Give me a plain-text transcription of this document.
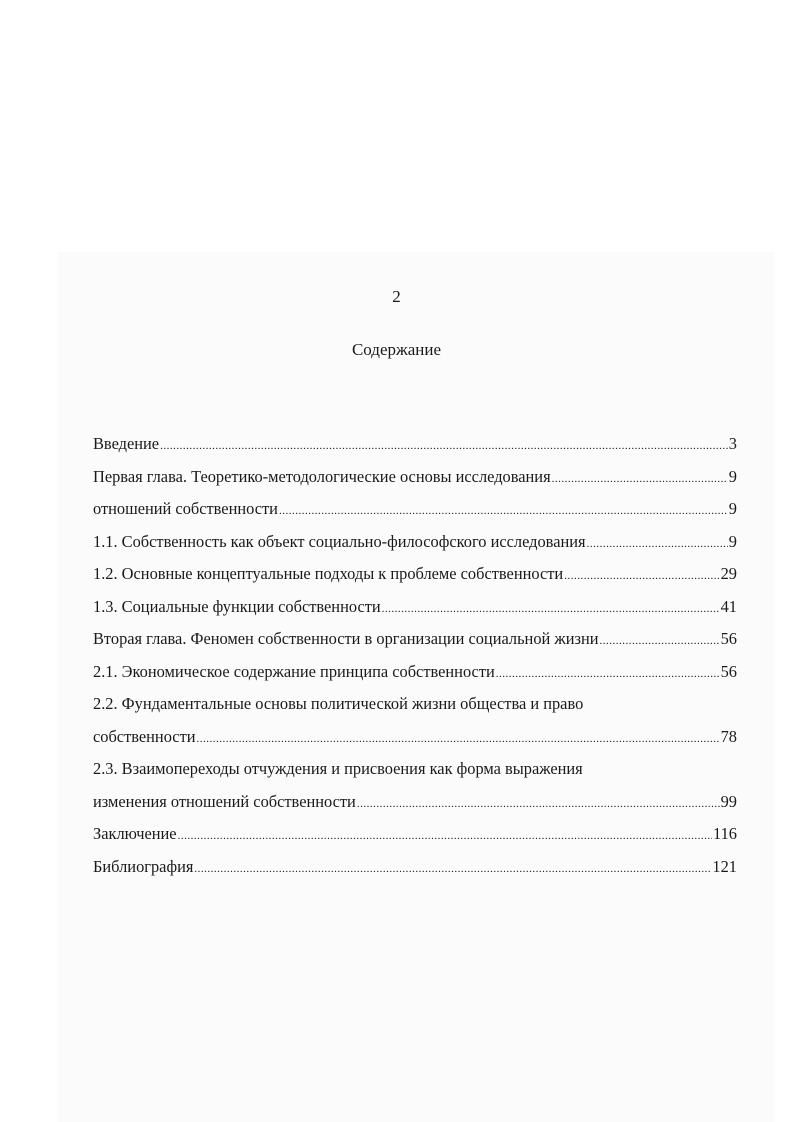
2
Содержание
Введение .....	3
Первая глава. Теоретико-методологические основы исследования .....	9
отношений собственности .....	9
1.1. Собственность как объект социально-философского исследования .....	9
1.2. Основные концептуальные подходы к проблеме собственности .....	29
1.3. Социальные функции собственности .....	41
Вторая глава. Феномен собственности в организации социальной жизни .....	56
2.1. Экономическое содержание принципа собственности .....	56
2.2. Фундаментальные основы политической жизни общества и право
собственности .....	78
2.3. Взаимопереходы отчуждения и присвоения как форма выражения
изменения отношений собственности .....	99
Заключение .....	116
Библиография .....	121
